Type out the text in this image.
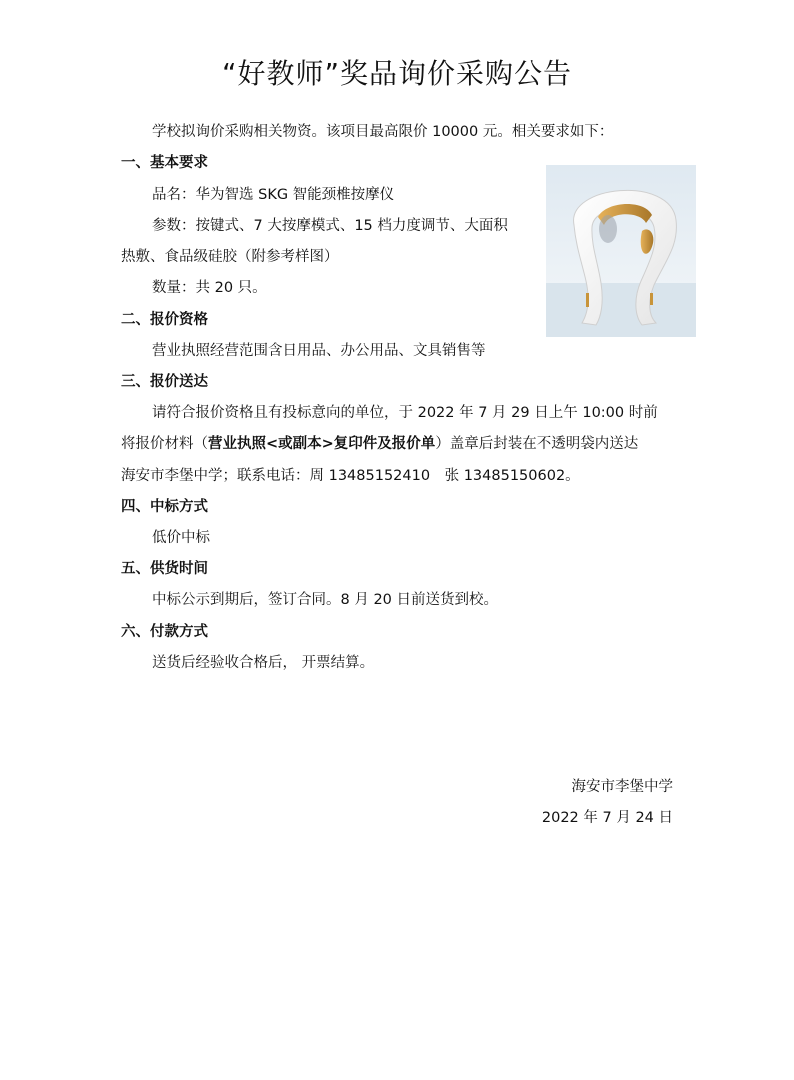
“好教师”奖品询价采购公告
学校拟询价采购相关物资。该项目最高限价 10000 元。相关要求如下：
一、基本要求
品名：华为智选 SKG 智能颈椎按摩仪
参数：按键式、7 大按摩模式、15 档力度调节、大面积
热敷、食品级硅胶（附参考样图）
数量：共 20 只。
二、报价资格
营业执照经营范围含日用品、办公用品、文具销售等
三、报价送达
请符合报价资格且有投标意向的单位，于 2022 年 7 月 29 日上午 10:00 时前
将报价材料（营业执照<或副本>复印件及报价单）盖章后封装在不透明袋内送达
海安市李堡中学；联系电话：周 13485152410　张 13485150602。
四、中标方式
低价中标
五、供货时间
中标公示到期后，签订合同。8 月 20 日前送货到校。
六、付款方式
送货后经验收合格后， 开票结算。
海安市李堡中学
2022 年 7 月 24 日
